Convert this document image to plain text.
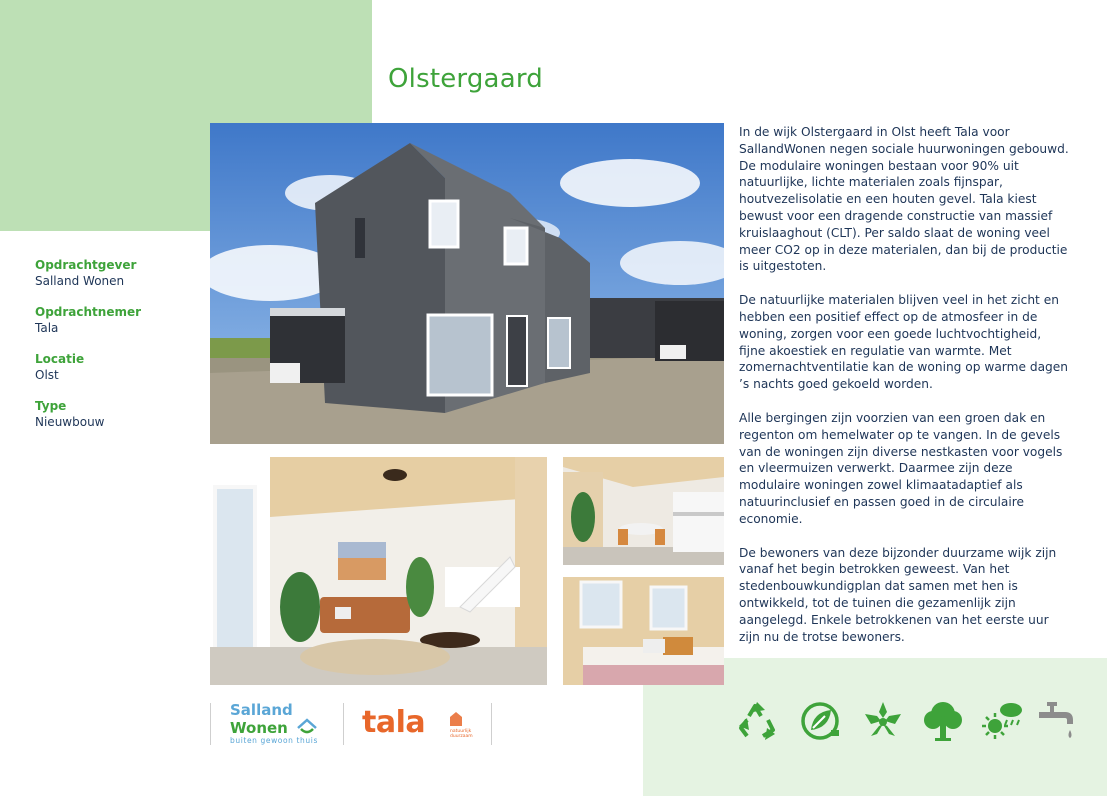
Olstergaard
Opdrachtgever
Salland Wonen
Opdrachtnemer
Tala
Locatie
Olst
Type
Nieuwbouw

In de wijk Olstergaard in Olst heeft Tala voor SallandWonen negen sociale huurwoningen gebouwd. De modulaire woningen bestaan voor 90% uit natuurlijke, lichte materialen zoals fijnspar, houtvezelisolatie en een houten gevel. Tala kiest bewust voor een dragende constructie van massief kruislaaghout (CLT). Per saldo slaat de woning veel meer CO2 op in deze materialen, dan bij de productie is uitgestoten.

De natuurlijke materialen blijven veel in het zicht en hebben een positief effect op de atmosfeer in de woning, zorgen voor een goede luchtvochtigheid, fijne akoestiek en regulatie van warmte. Met zomernachtventilatie kan de woning op warme dagen ’s nachts goed gekoeld worden.

Alle bergingen zijn voorzien van een groen dak en regenton om hemelwater op te vangen. In de gevels van de woningen zijn diverse nestkasten voor vogels en vleermuizen verwerkt. Daarmee zijn deze modulaire woningen zowel klimaatadaptief als natuurinclusief en passen goed in de circulaire economie.

De bewoners van deze bijzonder duurzame wijk zijn vanaf het begin betrokken geweest. Van het stedenbouwkundigplan dat samen met hen is ontwikkeld, tot de tuinen die gezamenlijk zijn aangelegd. Enkele betrokkenen van het eerste uur zijn nu de trotse bewoners.

Salland
Wonen
buiten gewoon thuis
tala	natuurlijk duurzaam
